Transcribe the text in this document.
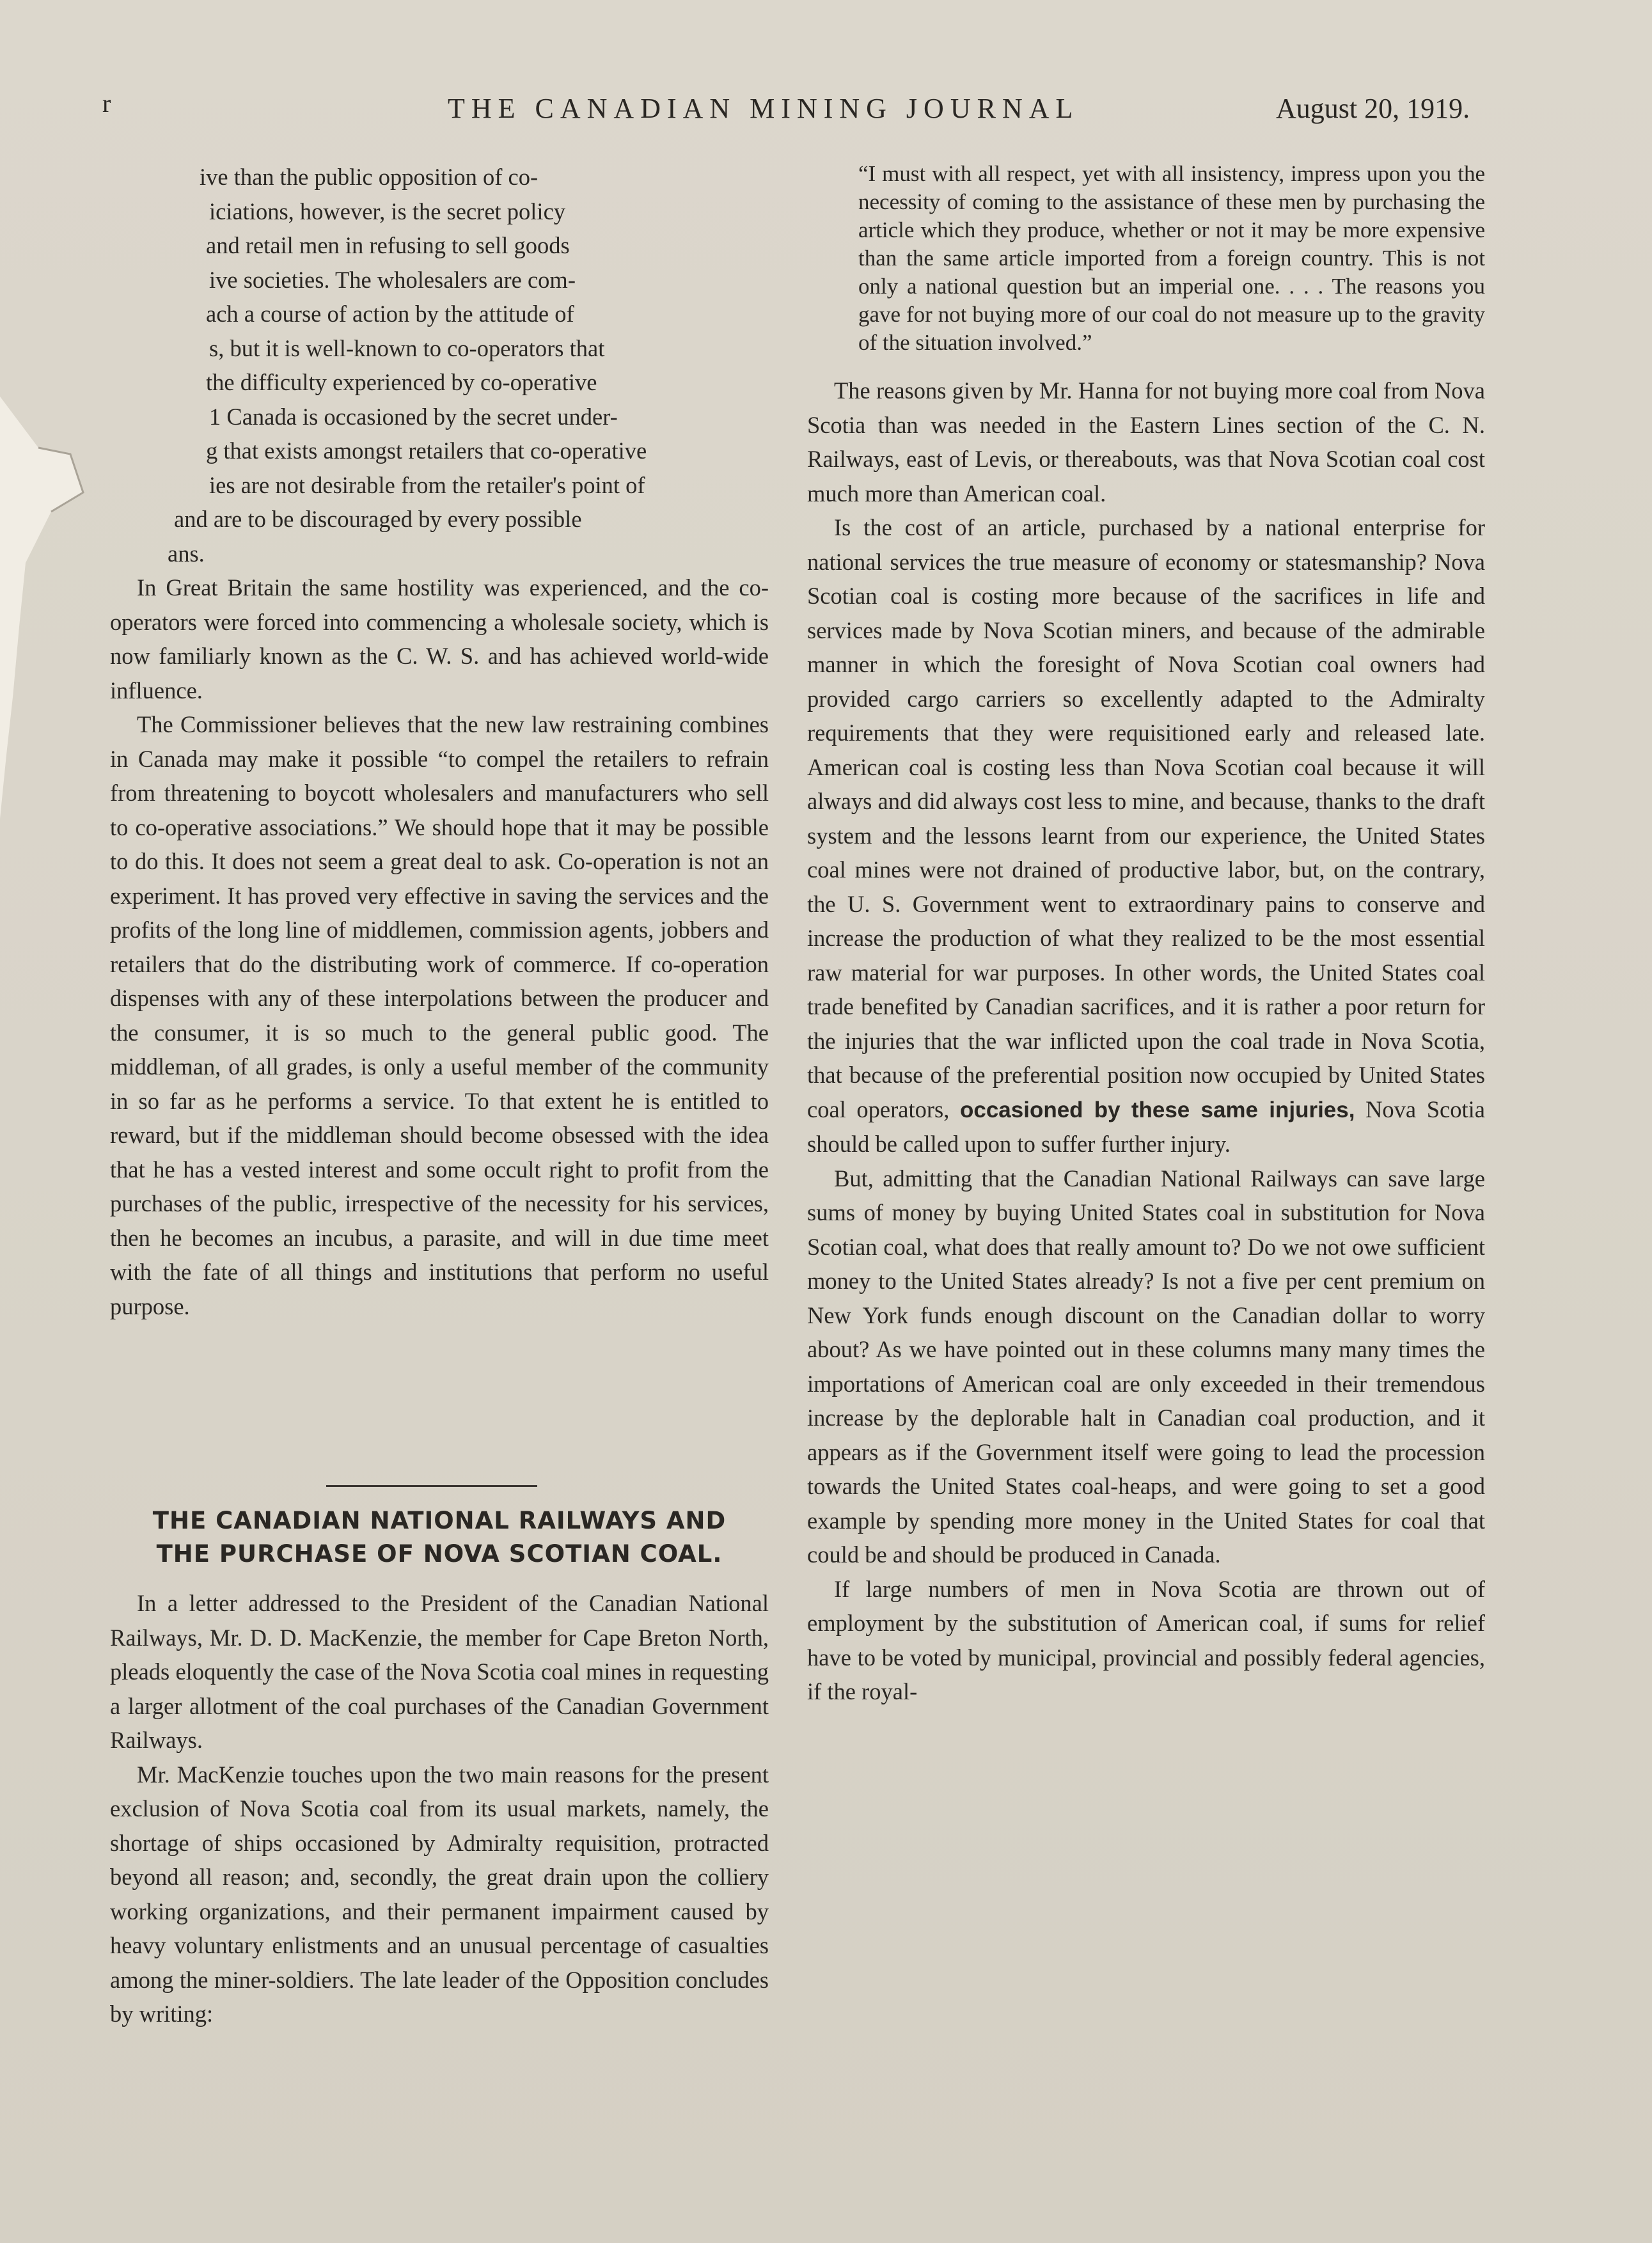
r	THE CANADIAN MINING JOURNAL	August 20, 1919.

ive than the public opposition of co-

iciations, however, is the secret policy

and retail men in refusing to sell goods

ive societies. The wholesalers are com-

ach a course of action by the attitude of

s, but it is well-known to co-operators that

the difficulty experienced by co-operative

1 Canada is occasioned by the secret under-

g that exists amongst retailers that co-operative

ies are not desirable from the retailer's point of

and are to be discouraged by every possible

ans.

In Great Britain the same hostility was experienced, and the co-operators were forced into commencing a wholesale society, which is now familiarly known as the C. W. S. and has achieved world-wide influence.

The Commissioner believes that the new law restraining combines in Canada may make it possible “to compel the retailers to refrain from threatening to boycott wholesalers and manufacturers who sell to co-operative associations.” We should hope that it may be possible to do this. It does not seem a great deal to ask. Co-operation is not an experiment. It has proved very effective in saving the services and the profits of the long line of middlemen, commission agents, jobbers and retailers that do the distributing work of commerce. If co-operation dispenses with any of these interpolations between the producer and the consumer, it is so much to the general public good. The middleman, of all grades, is only a useful member of the community in so far as he performs a service. To that extent he is entitled to reward, but if the middleman should become obsessed with the idea that he has a vested interest and some occult right to profit from the purchases of the public, irrespective of the necessity for his services, then he becomes an incubus, a parasite, and will in due time meet with the fate of all things and institutions that perform no useful purpose.

THE CANADIAN NATIONAL RAILWAYS AND
THE PURCHASE OF NOVA SCOTIAN COAL.

In a letter addressed to the President of the Canadian National Railways, Mr. D. D. MacKenzie, the member for Cape Breton North, pleads eloquently the case of the Nova Scotia coal mines in requesting a larger allotment of the coal purchases of the Canadian Government Railways.

Mr. MacKenzie touches upon the two main reasons for the present exclusion of Nova Scotia coal from its usual markets, namely, the shortage of ships occasioned by Admiralty requisition, protracted beyond all reason; and, secondly, the great drain upon the colliery working organizations, and their permanent impairment caused by heavy voluntary enlistments and an unusual percentage of casualties among the miner-soldiers. The late leader of the Opposition concludes by writing:

“I must with all respect, yet with all insistency, impress upon you the necessity of coming to the assistance of these men by purchasing the article which they produce, whether or not it may be more expensive than the same article imported from a foreign country. This is not only a national question but an imperial one. . . . The reasons you gave for not buying more of our coal do not measure up to the gravity of the situation involved.”

The reasons given by Mr. Hanna for not buying more coal from Nova Scotia than was needed in the Eastern Lines section of the C. N. Railways, east of Levis, or thereabouts, was that Nova Scotian coal cost much more than American coal.

Is the cost of an article, purchased by a national enterprise for national services the true measure of economy or statesmanship? Nova Scotian coal is costing more because of the sacrifices in life and services made by Nova Scotian miners, and because of the admirable manner in which the foresight of Nova Scotian coal owners had provided cargo carriers so excellently adapted to the Admiralty requirements that they were requisitioned early and released late. American coal is costing less than Nova Scotian coal because it will always and did always cost less to mine, and because, thanks to the draft system and the lessons learnt from our experience, the United States coal mines were not drained of productive labor, but, on the contrary, the U. S. Government went to extraordinary pains to conserve and increase the production of what they realized to be the most essential raw material for war purposes. In other words, the United States coal trade benefited by Canadian sacrifices, and it is rather a poor return for the injuries that the war inflicted upon the coal trade in Nova Scotia, that because of the preferential position now occupied by United States coal operators, occasioned by these same injuries, Nova Scotia should be called upon to suffer further injury.

But, admitting that the Canadian National Railways can save large sums of money by buying United States coal in substitution for Nova Scotian coal, what does that really amount to? Do we not owe sufficient money to the United States already? Is not a five per cent premium on New York funds enough discount on the Canadian dollar to worry about? As we have pointed out in these columns many many times the importations of American coal are only exceeded in their tremendous increase by the deplorable halt in Canadian coal production, and it appears as if the Government itself were going to lead the procession towards the United States coal-heaps, and were going to set a good example by spending more money in the United States for coal that could be and should be produced in Canada.

If large numbers of men in Nova Scotia are thrown out of employment by the substitution of American coal, if sums for relief have to be voted by municipal, provincial and possibly federal agencies, if the royal-
